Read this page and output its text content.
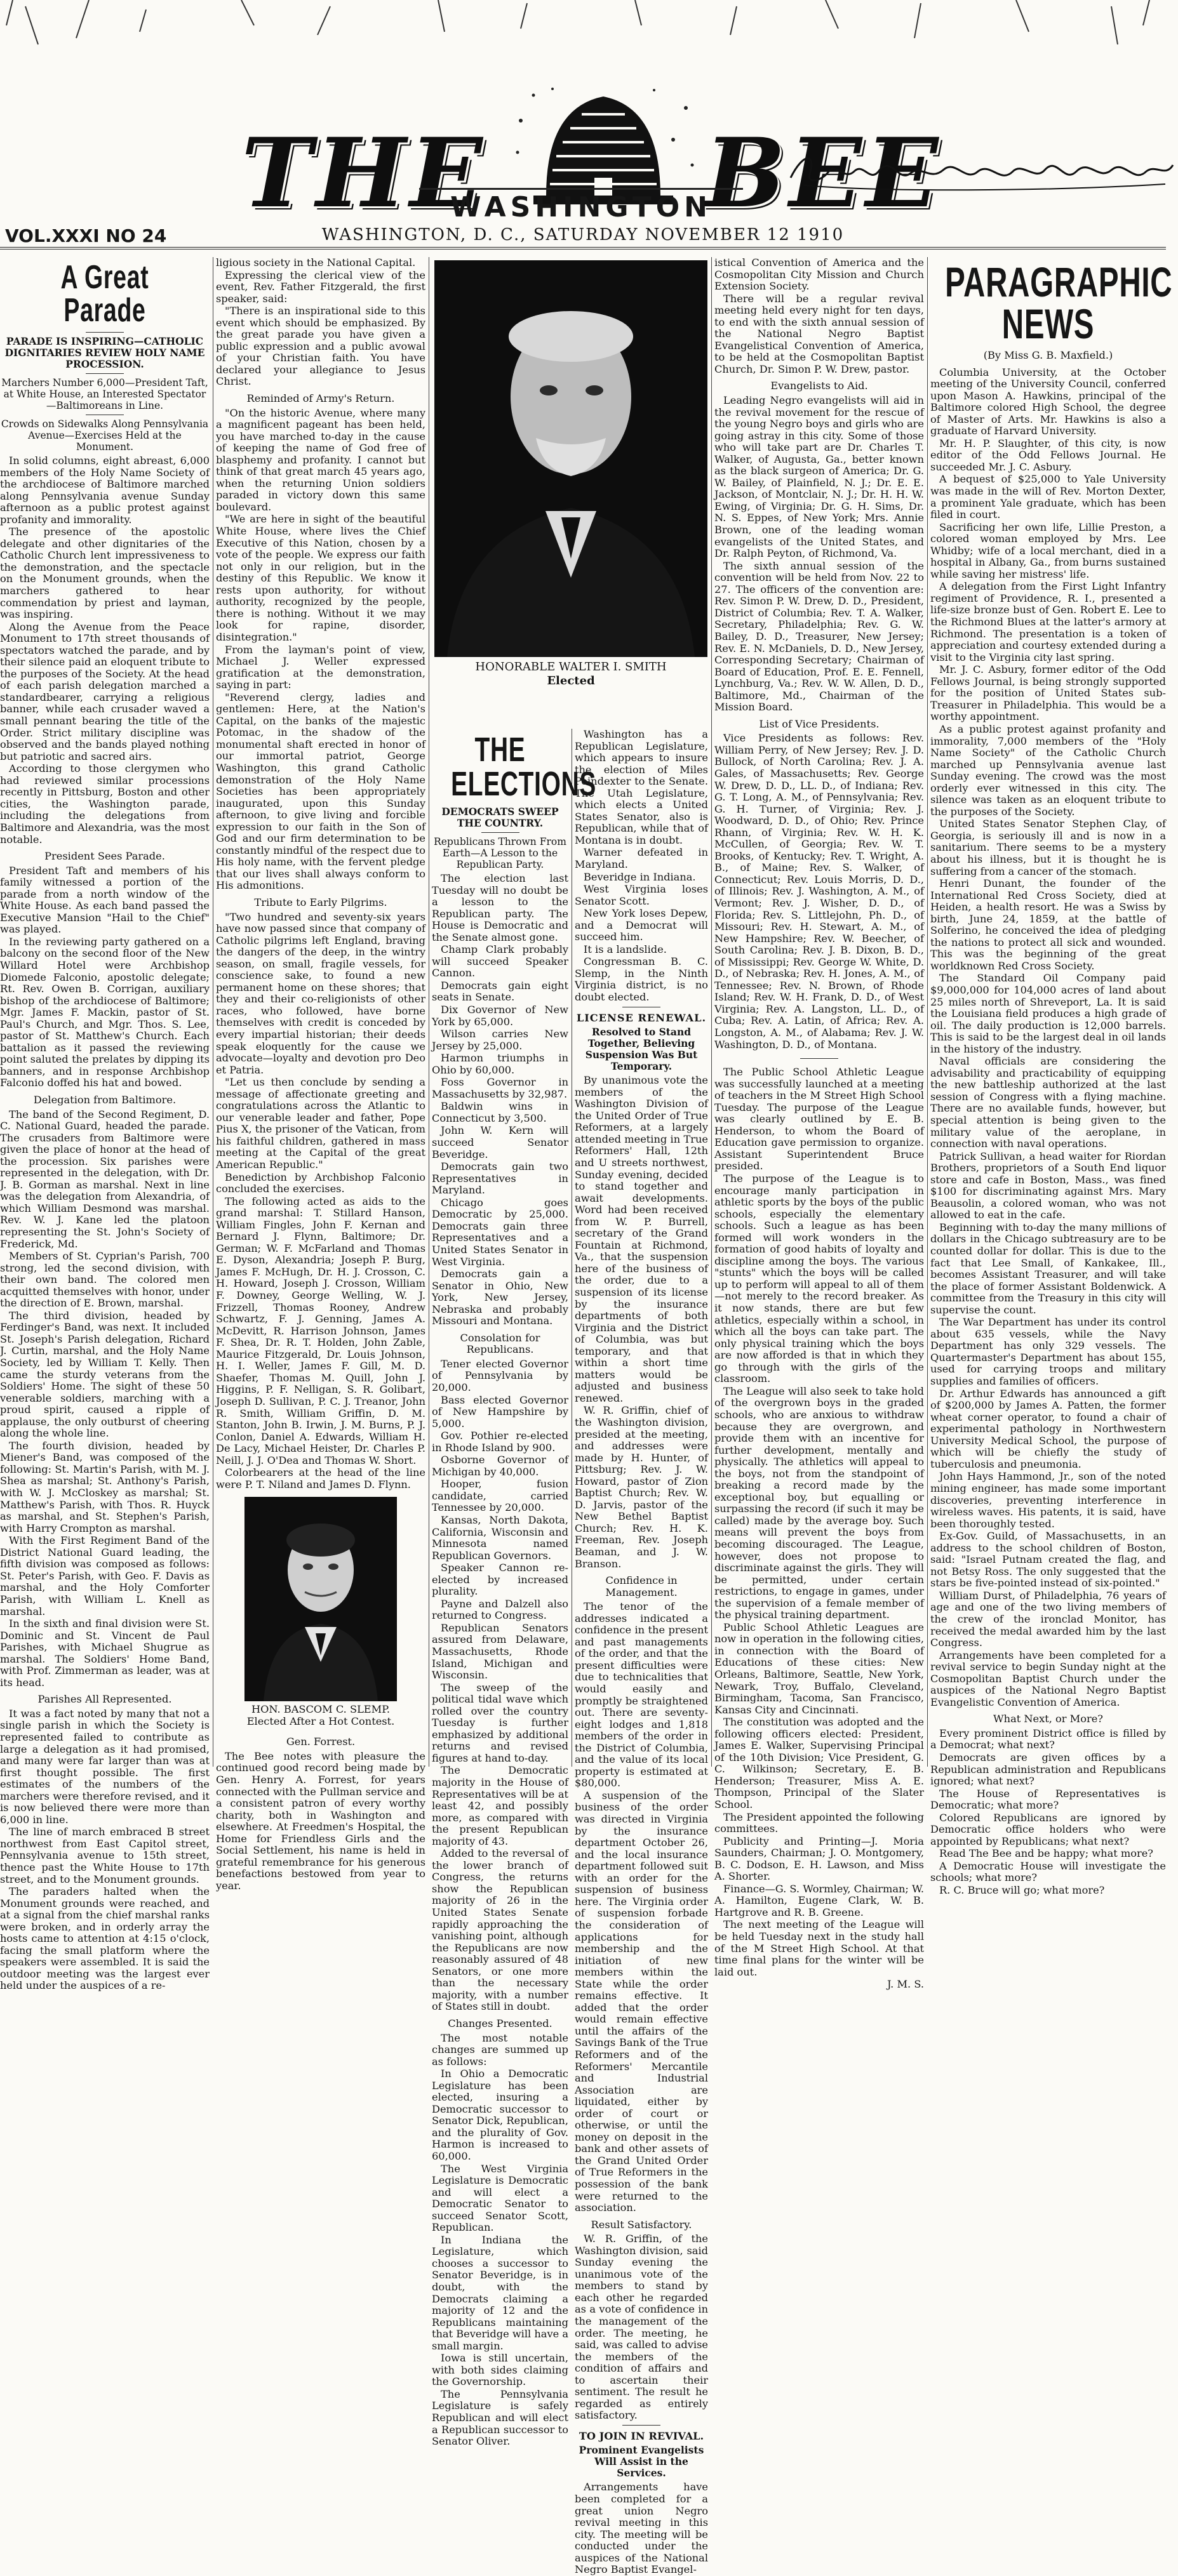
THE BEE
WASHINGTON
VOL.XXXI NO 24	WASHINGTON, D. C., SATURDAY NOVEMBER 12 1910
A Great Parade

PARADE IS INSPIRING—CATHOLIC DIGNITARIES REVIEW HOLY NAME PROCESSION.

Marchers Number 6,000—President Taft, at White House, an Interested Spectator—Baltimoreans in Line.

Crowds on Sidewalks Along Pennsylvania Avenue—Exercises Held at the Monument.

In solid columns, eight abreast, 6,000 members of the Holy Name Society of the archdiocese of Baltimore marched along Pennsylvania avenue Sunday afternoon as a public protest against profanity and immorality.

The presence of the apostolic delegate and other dignitaries of the Catholic Church lent impressiveness to the demonstration, and the spectacle on the Monument grounds, when the marchers gathered to hear commendation by priest and layman, was inspiring.

Along the Avenue from the Peace Monument to 17th street thousands of spectators watched the parade, and by their silence paid an eloquent tribute to the purposes of the Society. At the head of each parish delegation marched a standardbearer, carrying a religious banner, while each crusader waved a small pennant bearing the title of the Order. Strict military discipline was observed and the bands played nothing but patriotic and sacred airs.

According to those clergymen who had reviewed similar processions recently in Pittsburg, Boston and other cities, the Washington parade, including the delegations from Baltimore and Alexandria, was the most notable.

President Sees Parade.

President Taft and members of his family witnessed a portion of the parade from a north window of the White House. As each band passed the Executive Mansion "Hail to the Chief" was played.

In the reviewing party gathered on a balcony on the second floor of the New Willard Hotel were Archbishop Diomede Falconio, apostolic delegate; Rt. Rev. Owen B. Corrigan, auxiliary bishop of the archdiocese of Baltimore; Mgr. James F. Mackin, pastor of St. Paul's Church, and Mgr. Thos. S. Lee, pastor of St. Matthew's Church. Each battalion as it passed the reviewing point saluted the prelates by dipping its banners, and in response Archbishop Falconio doffed his hat and bowed.

Delegation from Baltimore.

The band of the Second Regiment, D. C. National Guard, headed the parade. The crusaders from Baltimore were given the place of honor at the head of the procession. Six parishes were represented in the delegation, with Dr. J. B. Gorman as marshal. Next in line was the delegation from Alexandria, of which William Desmond was marshal. Rev. W. J. Kane led the platoon representing the St. John's Society of Frederick, Md.

Members of St. Cyprian's Parish, 700 strong, led the second division, with their own band. The colored men acquitted themselves with honor, under the direction of E. Brown, marshal.

The third division, headed by Ferdinger's Band, was next. It included St. Joseph's Parish delegation, Richard J. Curtin, marshal, and the Holy Name Society, led by William T. Kelly. Then came the sturdy veterans from the Soldiers' Home. The sight of these 50 venerable soldiers, marching with a proud spirit, caused a ripple of applause, the only outburst of cheering along the whole line.

The fourth division, headed by Miener's Band, was composed of the following: St. Martin's Parish, with M. J. Shea as marshal; St. Anthony's Parish, with W. J. McCloskey as marshal; St. Matthew's Parish, with Thos. R. Huyck as marshal, and St. Stephen's Parish, with Harry Crompton as marshal.

With the First Regiment Band of the District National Guard leading, the fifth division was composed as follows: St. Peter's Parish, with Geo. F. Davis as marshal, and the Holy Comforter Parish, with William L. Knell as marshal.

In the sixth and final division were St. Dominic and St. Vincent de Paul Parishes, with Michael Shugrue as marshal. The Soldiers' Home Band, with Prof. Zimmerman as leader, was at its head.

Parishes All Represented.

It was a fact noted by many that not a single parish in which the Society is represented failed to contribute as large a delegation as it had promised, and many were far larger than was at first thought possible. The first estimates of the numbers of the marchers were therefore revised, and it is now believed there were more than 6,000 in line.

The line of march embraced B street northwest from East Capitol street, Pennsylvania avenue to 15th street, thence past the White House to 17th street, and to the Monument grounds.

The paraders halted when the Monument grounds were reached, and at a signal from the chief marshal ranks were broken, and in orderly array the hosts came to attention at 4:15 o'clock, facing the small platform where the speakers were assembled. It is said the outdoor meeting was the largest ever held under the auspices of a re-

ligious society in the National Capital.

Expressing the clerical view of the event, Rev. Father Fitzgerald, the first speaker, said:

"There is an inspirational side to this event which should be emphasized. By the great parade you have given a public expression and a public avowal of your Christian faith. You have declared your allegiance to Jesus Christ.

Reminded of Army's Return.

"On the historic Avenue, where many a magnificent pageant has been held, you have marched to-day in the cause of keeping the name of God free of blasphemy and profanity. I cannot but think of that great march 45 years ago, when the returning Union soldiers paraded in victory down this same boulevard.

"We are here in sight of the beautiful White House, where lives the Chief Executive of this Nation, chosen by a vote of the people. We express our faith not only in our religion, but in the destiny of this Republic. We know it rests upon authority, for without authority, recognized by the people, there is nothing. Without it we may look for rapine, disorder, disintegration."

From the layman's point of view, Michael J. Weller expressed gratification at the demonstration, saying in part:

"Reverend clergy, ladies and gentlemen: Here, at the Nation's Capital, on the banks of the majestic Potomac, in the shadow of the monumental shaft erected in honor of our immortal patriot, George Washington, this grand Catholic demonstration of the Holy Name Societies has been appropriately inaugurated, upon this Sunday afternoon, to give living and forcible expression to our faith in the Son of God and our firm determination to be constantly mindful of the respect due to His holy name, with the fervent pledge that our lives shall always conform to His admonitions.

Tribute to Early Pilgrims.

"Two hundred and seventy-six years have now passed since that company of Catholic pilgrims left England, braving the dangers of the deep, in the wintry season, on small, fragile vessels, for conscience sake, to found a new permanent home on these shores; that they and their co-religionists of other races, who followed, have borne themselves with credit is conceded by every impartial historian; their deeds speak eloquently for the cause we advocate—loyalty and devotion pro Deo et Patria.

"Let us then conclude by sending a message of affectionate greeting and congratulations across the Atlantic to our venerable leader and father, Pope Pius X, the prisoner of the Vatican, from his faithful children, gathered in mass meeting at the Capital of the great American Republic."

Benediction by Archbishop Falconio concluded the exercises.

The following acted as aids to the grand marshal: T. Stillard Hanson, William Fingles, John F. Kernan and Bernard J. Flynn, Baltimore; Dr. German; W. F. McFarland and Thomas E. Dyson, Alexandria; Joseph P. Burg, James F. McHugh, Dr. H. J. Crosson, C. H. Howard, Joseph J. Crosson, William F. Downey, George Welling, W. J. Frizzell, Thomas Rooney, Andrew Schwartz, F. J. Genning, James A. McDevitt, R. Harrison Johnson, James F. Shea, Dr. R. T. Holden, John Zable, Maurice Fitzgerald, Dr. Louis Johnson, H. I. Weller, James F. Gill, M. D. Shaefer, Thomas M. Quill, John J. Higgins, P. F. Nelligan, S. R. Golibart, Joseph D. Sullivan, P. C. J. Treanor, John R. Smith, William Griffin, D. M. Stanton, John B. Irwin, J. M. Burns, P. J. Conlon, Daniel A. Edwards, William H. De Lacy, Michael Heister, Dr. Charles P. Neill, J. J. O'Dea and Thomas W. Short.

Colorbearers at the head of the line were P. T. Niland and James D. Flynn.

HON. BASCOM C. SLEMP.

Elected After a Hot Contest.

Gen. Forrest.

The Bee notes with pleasure the continued good record being made by Gen. Henry A. Forrest, for years connected with the Pullman service and a consistent patron of every worthy charity, both in Washington and elsewhere. At Freedmen's Hospital, the Home for Friendless Girls and the Social Settlement, his name is held in grateful remembrance for his generous benefactions bestowed from year to year.

HONORABLE WALTER I. SMITH
Elected
THE ELECTIONS

DEMOCRATS SWEEP THE COUNTRY.

Republicans Thrown From Earth—A Lesson to the Republican Party.

The election last Tuesday will no doubt be a lesson to the Republican party. The House is Democratic and the Senate almost gone.

Champ Clark probably will succeed Speaker Cannon.

Democrats gain eight seats in Senate.

Dix Governor of New York by 65,000.

Wilson carries New Jersey by 25,000.

Harmon triumphs in Ohio by 60,000.

Foss Governor in Massachusetts by 32,987.

Baldwin wins in Connecticut by 3,500.

John W. Kern will succeed Senator Beveridge.

Democrats gain two Representatives in Maryland.

Chicago goes Democratic by 25,000. Democrats gain three Representatives and a United States Senator in West Virginia.

Democrats gain a Senator in Ohio, New York, New Jersey, Nebraska and probably Missouri and Montana.

Consolation for Republicans.

Tener elected Governor of Pennsylvania by 20,000.

Bass elected Governor of New Hampshire by 5,000.

Gov. Pothier re-elected in Rhode Island by 900.

Osborne Governor of Michigan by 40,000.

Hooper, fusion candidate, carried Tennessee by 20,000.

Kansas, North Dakota, California, Wisconsin and Minnesota named Republican Governors.

Speaker Cannon re-elected by increased plurality.

Payne and Dalzell also returned to Congress.

Republican Senators assured from Delaware, Massachusetts, Rhode Island, Michigan and Wisconsin.

The sweep of the political tidal wave which rolled over the country Tuesday is further emphasized by additional returns and revised figures at hand to-day.

The Democratic majority in the House of Representatives will be at least 42, and possibly more, as compared with the present Republican majority of 43.

Added to the reversal of the lower branch of Congress, the returns show the Republican majority of 26 in the United States Senate rapidly approaching the vanishing point, although the Republicans are now reasonably assured of 48 Senators, or one more than the necessary majority, with a number of States still in doubt.

Changes Presented.

The most notable changes are summed up as follows:

In Ohio a Democratic Legislature has been elected, insuring a Democratic successor to Senator Dick, Republican, and the plurality of Gov. Harmon is increased to 60,000.

The West Virginia Legislature is Democratic and will elect a Democratic Senator to succeed Senator Scott, Republican.

In Indiana the Legislature, which chooses a successor to Senator Beveridge, is in doubt, with the Democrats claiming a majority of 12 and the Republicans maintaining that Beveridge will have a small margin.

Iowa is still uncertain, with both sides claiming the Governorship.

The Pennsylvania Legislature is safely Republican and will elect a Republican successor to Senator Oliver.

Washington has a Republican Legislature, which appears to insure the election of Miles Poindexter to the Senate. The Utah Legislature, which elects a United States Senator, also is Republican, while that of Montana is in doubt.

Warner defeated in Maryland.

Beveridge in Indiana.

West Virginia loses Senator Scott.

New York loses Depew, and a Democrat will succeed him.

It is a landslide.

Congressman B. C. Slemp, in the Ninth Virginia district, is no doubt elected.

LICENSE RENEWAL.

Resolved to Stand Together, Believing Suspension Was But Temporary.

By unanimous vote the members of the Washington Division of the United Order of True Reformers, at a largely attended meeting in True Reformers' Hall, 12th and U streets northwest, Sunday evening, decided to stand together and await developments. Word had been received from W. P. Burrell, secretary of the Grand Fountain at Richmond, Va., that the suspension here of the business of the order, due to a suspension of its license by the insurance departments of both Virginia and the District of Columbia, was but temporary, and that within a short time matters would be adjusted and business renewed.

W. R. Griffin, chief of the Washington division, presided at the meeting, and addresses were made by H. Hunter, of Pittsburg; Rev. J. W. Howard, pastor of Zion Baptist Church; Rev. W. D. Jarvis, pastor of the New Bethel Baptist Church; Rev. H. K. Freeman, Rev. Joseph Beaman, and J. W. Branson.

Confidence in Management.

The tenor of the addresses indicated a confidence in the present and past managements of the order, and that the present difficulties were due to technicalities that would easily and promptly be straightened out. There are seventy-eight lodges and 1,818 members of the order in the District of Columbia, and the value of its local property is estimated at $80,000.

A suspension of the business of the order was directed in Virginia by the insurance department October 26, and the local insurance department followed suit with an order for the suspension of business here. The Virginia order of suspension forbade the consideration of applications for membership and the initiation of new members within the State while the order remains effective. It added that the order would remain effective until the affairs of the Savings Bank of the True Reformers and of the Reformers' Mercantile and Industrial Association are liquidated, either by order of court or otherwise, or until the money on deposit in the bank and other assets of the Grand United Order of True Reformers in the possession of the bank were returned to the association.

Result Satisfactory.

W. R. Griffin, of the Washington division, said Sunday evening the unanimous vote of the members to stand by each other he regarded as a vote of confidence in the management of the order. The meeting, he said, was called to advise the members of the condition of affairs and to ascertain their sentiment. The result he regarded as entirely satisfactory.

TO JOIN IN REVIVAL.

Prominent Evangelists Will Assist in the Services.

Arrangements have been completed for a great union Negro revival meeting in this city. The meeting will be conducted under the auspices of the National Negro Baptist Evangel-

istical Convention of America and the Cosmopolitan City Mission and Church Extension Society.

There will be a regular revival meeting held every night for ten days, to end with the sixth annual session of the National Negro Baptist Evangelistical Convention of America, to be held at the Cosmopolitan Baptist Church, Dr. Simon P. W. Drew, pastor.

Evangelists to Aid.

Leading Negro evangelists will aid in the revival movement for the rescue of the young Negro boys and girls who are going astray in this city. Some of those who will take part are Dr. Charles T. Walker, of Augusta, Ga., better known as the black surgeon of America; Dr. G. W. Bailey, of Plainfield, N. J.; Dr. E. E. Jackson, of Montclair, N. J.; Dr. H. H. W. Ewing, of Virginia; Dr. G. H. Sims, Dr. N. S. Eppes, of New York; Mrs. Annie Brown, one of the leading woman evangelists of the United States, and Dr. Ralph Peyton, of Richmond, Va.

The sixth annual session of the convention will be held from Nov. 22 to 27. The officers of the convention are: Rev. Simon P. W. Drew, D. D., President, District of Columbia; Rev. T. A. Walker, Secretary, Philadelphia; Rev. G. W. Bailey, D. D., Treasurer, New Jersey; Rev. E. N. McDaniels, D. D., New Jersey, Corresponding Secretary; Chairman of Board of Education, Prof. E. E. Fennell, Lynchburg, Va.; Rev. W. W. Allen, D. D., Baltimore, Md., Chairman of the Mission Board.

List of Vice Presidents.

Vice Presidents as follows: Rev. William Perry, of New Jersey; Rev. J. D. Bullock, of North Carolina; Rev. J. A. Gales, of Massachusetts; Rev. George W. Drew, D. D., LL. D., of Indiana; Rev. G. T. Long, A. M., of Pennsylvania; Rev. G. H. Turner, of Virginia; Rev. J. Woodward, D. D., of Ohio; Rev. Prince Rhann, of Virginia; Rev. W. H. K. McCullen, of Georgia; Rev. W. T. Brooks, of Kentucky; Rev. T. Wright, A. B., of Maine; Rev. S. Walker, of Connecticut; Rev. Louis Morris, D. D., of Illinois; Rev. J. Washington, A. M., of Vermont; Rev. J. Wisher, D. D., of Florida; Rev. S. Littlejohn, Ph. D., of Missouri; Rev. H. Stewart, A. M., of New Hampshire; Rev. W. Beecher, of South Carolina; Rev. J. B. Dixon, B. D., of Mississippi; Rev. George W. White, D. D., of Nebraska; Rev. H. Jones, A. M., of Tennessee; Rev. N. Brown, of Rhode Island; Rev. W. H. Frank, D. D., of West Virginia; Rev. A. Langston, LL. D., of Cuba; Rev. A. Latin, of Africa; Rev. A. Longston, A. M., of Alabama; Rev. J. W. Washington, D. D., of Montana.

The Public School Athletic League was successfully launched at a meeting of teachers in the M Street High School Tuesday. The purpose of the League was clearly outlined by E. B. Henderson, to whom the Board of Education gave permission to organize. Assistant Superintendent Bruce presided.

The purpose of the League is to encourage manly participation in athletic sports by the boys of the public schools, especially the elementary schools. Such a league as has been formed will work wonders in the formation of good habits of loyalty and discipline among the boys. The various "stunts" which the boys will be called up to perform will appeal to all of them—not merely to the record breaker. As it now stands, there are but few athletics, especially within a school, in which all the boys can take part. The only physical training which the boys are now afforded is that in which they go through with the girls of the classroom.

The League will also seek to take hold of the overgrown boys in the graded schools, who are anxious to withdraw because they are overgrown, and provide them with an incentive for further development, mentally and physically. The athletics will appeal to the boys, not from the standpoint of breaking a record made by the exceptional boy, but equalling or surpassing the record (if such it may be called) made by the average boy. Such means will prevent the boys from becoming discouraged. The League, however, does not propose to discriminate against the girls. They will be permitted, under certain restrictions, to engage in games, under the supervision of a female member of the physical training department.

Public School Athletic Leagues are now in operation in the following cities, in connection with the Board of Educations of these cities: New Orleans, Baltimore, Seattle, New York, Newark, Troy, Buffalo, Cleveland, Birmingham, Tacoma, San Francisco, Kansas City and Cincinnati.

The constitution was adopted and the following officers elected: President, James E. Walker, Supervising Principal of the 10th Division; Vice President, G. C. Wilkinson; Secretary, E. B. Henderson; Treasurer, Miss A. E. Thompson, Principal of the Slater School.

The President appointed the following committees.

Publicity and Printing—J. Moria Saunders, Chairman; J. O. Montgomery, B. C. Dodson, E. H. Lawson, and Miss A. Shorter.

Finance—G. S. Wormley, Chairman; W. A. Hamilton, Eugene Clark, W. B. Hartgrove and R. B. Greene.

The next meeting of the League will be held Tuesday next in the study hall of the M Street High School. At that time final plans for the winter will be laid out.

J. M. S.

PARAGRAPHIC NEWS

(By Miss G. B. Maxfield.)

Columbia University, at the October meeting of the University Council, conferred upon Mason A. Hawkins, principal of the Baltimore colored High School, the degree of Master of Arts. Mr. Hawkins is also a graduate of Harvard University.

Mr. H. P. Slaughter, of this city, is now editor of the Odd Fellows Journal. He succeeded Mr. J. C. Asbury.

A bequest of $25,000 to Yale University was made in the will of Rev. Morton Dexter, a prominent Yale graduate, which has been filed in court.

Sacrificing her own life, Lillie Preston, a colored woman employed by Mrs. Lee Whidby; wife of a local merchant, died in a hospital in Albany, Ga., from burns sustained while saving her mistress' life.

A delegation from the First Light Infantry regiment of Providence, R. I., presented a life-size bronze bust of Gen. Robert E. Lee to the Richmond Blues at the latter's armory at Richmond. The presentation is a token of appreciation and courtesy extended during a visit to the Virginia city last spring.

Mr. J. C. Asbury, former editor of the Odd Fellows Journal, is being strongly supported for the position of United States sub-Treasurer in Philadelphia. This would be a worthy appointment.

As a public protest against profanity and immorality, 7,000 members of the "Holy Name Society" of the Catholic Church marched up Pennsylvania avenue last Sunday evening. The crowd was the most orderly ever witnessed in this city. The silence was taken as an eloquent tribute to the purposes of the Society.

United States Senator Stephen Clay, of Georgia, is seriously ill and is now in a sanitarium. There seems to be a mystery about his illness, but it is thought he is suffering from a cancer of the stomach.

Henri Dunant, the founder of the International Red Cross Society, died at Heiden, a health resort. He was a Swiss by birth, June 24, 1859, at the battle of Solferino, he conceived the idea of pledging the nations to protect all sick and wounded. This was the beginning of the great worldknown Red Cross Society.

The Standard Oil Company paid $9,000,000 for 104,000 acres of land about 25 miles north of Shreveport, La. It is said the Louisiana field produces a high grade of oil. The daily production is 12,000 barrels. This is said to be the largest deal in oil lands in the history of the industry.

Naval officials are considering the advisability and practicability of equipping the new battleship authorized at the last session of Congress with a flying machine. There are no available funds, however, but special attention is being given to the military value of the aeroplane, in connection with naval operations.

Patrick Sullivan, a head waiter for Riordan Brothers, proprietors of a South End liquor store and cafe in Boston, Mass., was fined $100 for discriminating against Mrs. Mary Beausolin, a colored woman, who was not allowed to eat in the cafe.

Beginning with to-day the many millions of dollars in the Chicago subtreasury are to be counted dollar for dollar. This is due to the fact that Lee Small, of Kankakee, Ill., becomes Assistant Treasurer, and will take the place of former Assistant Boldenwick. A committee from the Treasury in this city will supervise the count.

The War Department has under its control about 635 vessels, while the Navy Department has only 329 vessels. The Quartermaster's Department has about 155, used for carrying troops and military supplies and families of officers.

Dr. Arthur Edwards has announced a gift of $200,000 by James A. Patten, the former wheat corner operator, to found a chair of experimental pathology in Northwestern University Medical School, the purpose of which will be chiefly the study of tuberculosis and pneumonia.

John Hays Hammond, Jr., son of the noted mining engineer, has made some important discoveries, preventing interference in wireless waves. His patents, it is said, have been thoroughly tested.

Ex-Gov. Guild, of Massachusetts, in an address to the school children of Boston, said: "Israel Putnam created the flag, and not Betsy Ross. The only suggested that the stars be five-pointed instead of six-pointed."

William Durst, of Philadelphia, 76 years of age and one of the two living members of the crew of the ironclad Monitor, has received the medal awarded him by the last Congress.

Arrangements have been completed for a revival service to begin Sunday night at the Cosmopolitan Baptist Church under the auspices of the National Negro Baptist Evangelistic Convention of America.

What Next, or More?

Every prominent District office is filled by a Democrat; what next?

Democrats are given offices by a Republican administration and Republicans ignored; what next?

The House of Representatives is Democratic; what more?

Colored Republicans are ignored by Democratic office holders who were appointed by Republicans; what next?

Read The Bee and be happy; what more?

A Democratic House will investigate the schools; what more?

R. C. Bruce will go; what more?
